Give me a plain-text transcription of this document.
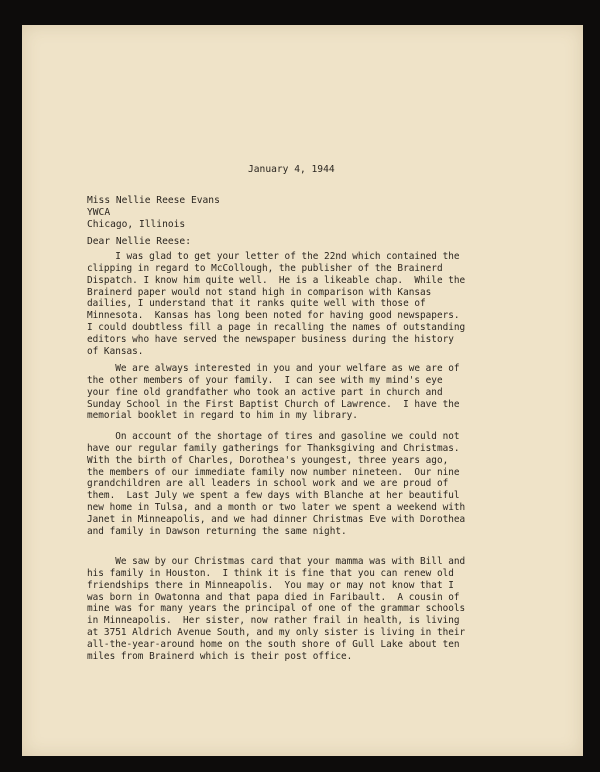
January 4, 1944
Miss Nellie Reese Evans
YWCA
Chicago, Illinois
Dear Nellie Reese:
I was glad to get your letter of the 22nd which contained the
clipping in regard to McCollough, the publisher of the Brainerd
Dispatch. I know him quite well.  He is a likeable chap.  While the
Brainerd paper would not stand high in comparison with Kansas
dailies, I understand that it ranks quite well with those of
Minnesota.  Kansas has long been noted for having good newspapers.
I could doubtless fill a page in recalling the names of outstanding
editors who have served the newspaper business during the history
of Kansas.
We are always interested in you and your welfare as we are of
the other members of your family.  I can see with my mind's eye
your fine old grandfather who took an active part in church and
Sunday School in the First Baptist Church of Lawrence.  I have the
memorial booklet in regard to him in my library.
On account of the shortage of tires and gasoline we could not
have our regular family gatherings for Thanksgiving and Christmas.
With the birth of Charles, Dorothea's youngest, three years ago,
the members of our immediate family now number nineteen.  Our nine
grandchildren are all leaders in school work and we are proud of
them.  Last July we spent a few days with Blanche at her beautiful
new home in Tulsa, and a month or two later we spent a weekend with
Janet in Minneapolis, and we had dinner Christmas Eve with Dorothea
and family in Dawson returning the same night.
We saw by our Christmas card that your mamma was with Bill and
his family in Houston.  I think it is fine that you can renew old
friendships there in Minneapolis.  You may or may not know that I
was born in Owatonna and that papa died in Faribault.  A cousin of
mine was for many years the principal of one of the grammar schools
in Minneapolis.  Her sister, now rather frail in health, is living
at 3751 Aldrich Avenue South, and my only sister is living in their
all-the-year-around home on the south shore of Gull Lake about ten
miles from Brainerd which is their post office.
